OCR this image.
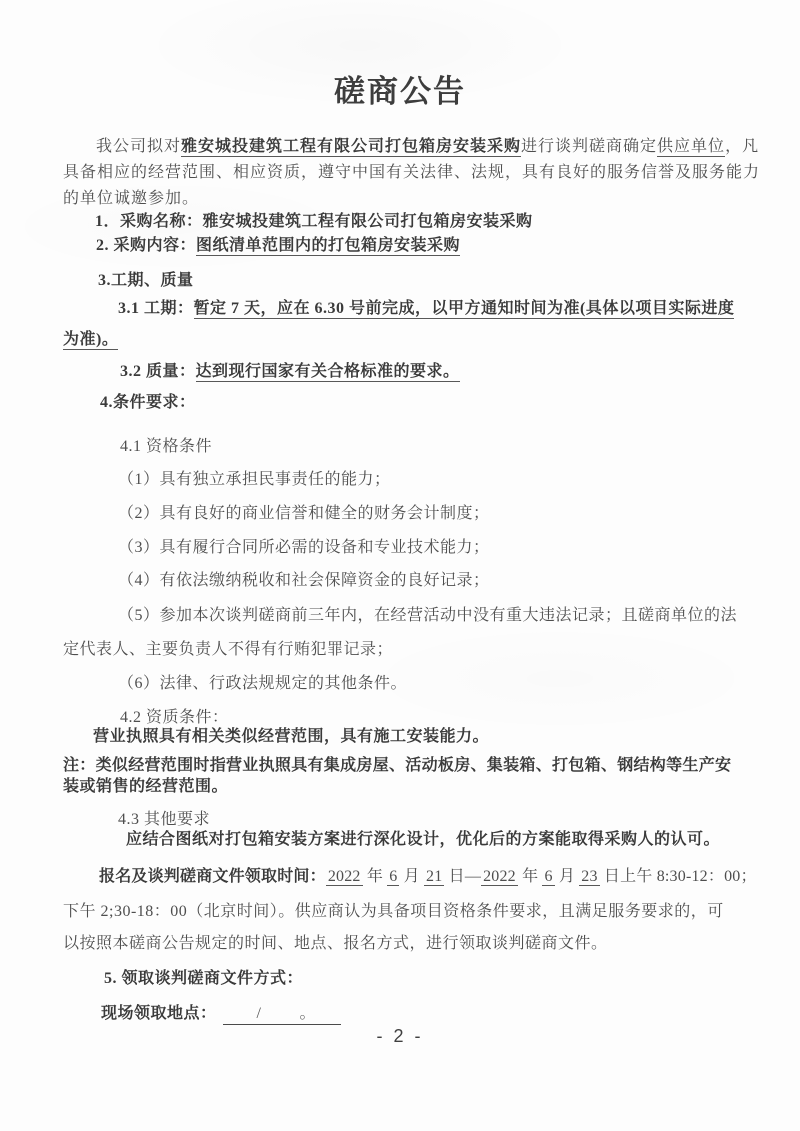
磋商公告
我公司拟对雅安城投建筑工程有限公司打包箱房安装采购进行谈判磋商确定供应单位，凡
具备相应的经营范围、相应资质，遵守中国有关法律、法规，具有良好的服务信誉及服务能力
的单位诚邀参加。
1．采购名称：雅安城投建筑工程有限公司打包箱房安装采购
2. 采购内容：图纸清单范围内的打包箱房安装采购
3.工期、质量
3.1 工期：暂定 7 天，应在 6.30 号前完成，以甲方通知时间为准(具体以项目实际进度
为准)。
3.2 质量：达到现行国家有关合格标准的要求。
4.条件要求：
4.1 资格条件
（1）具有独立承担民事责任的能力；
（2）具有良好的商业信誉和健全的财务会计制度；
（3）具有履行合同所必需的设备和专业技术能力；
（4）有依法缴纳税收和社会保障资金的良好记录；
（5）参加本次谈判磋商前三年内，在经营活动中没有重大违法记录；且磋商单位的法
定代表人、主要负责人不得有行贿犯罪记录；
（6）法律、行政法规规定的其他条件。
4.2 资质条件：
营业执照具有相关类似经营范围，具有施工安装能力。
注：类似经营范围时指营业执照具有集成房屋、活动板房、集装箱、打包箱、钢结构等生产安
装或销售的经营范围。
4.3 其他要求
应结合图纸对打包箱安装方案进行深化设计，优化后的方案能取得采购人的认可。
报名及谈判磋商文件领取时间： 2022 年 6 月 21 日— 2022 年 6 月 23 日上午 8:30-12：00；
下午 2;30-18：00（北京时间）。供应商认为具备项目资格条件要求，且满足服务要求的，可
以按照本磋商公告规定的时间、地点、报名方式，进行领取谈判磋商文件。
5. 领取谈判磋商文件方式：
现场领取地点：	/ 。
- 2 -
